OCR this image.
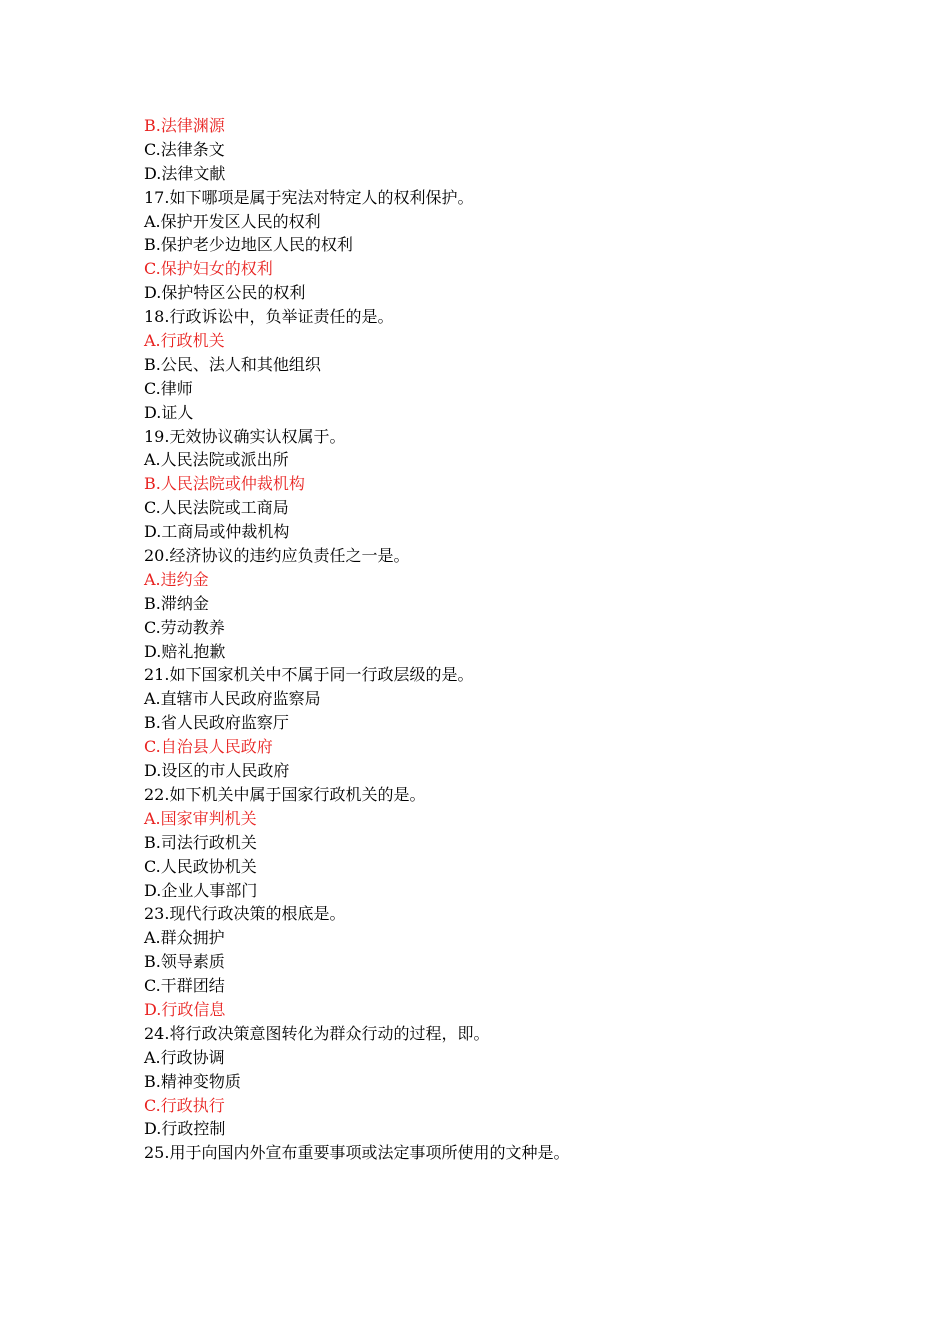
B.法律渊源
C.法律条文
D.法律文献
17.如下哪项是属于宪法对特定人的权利保护。
A.保护开发区人民的权利
B.保护老少边地区人民的权利
C.保护妇女的权利
D.保护特区公民的权利
18.行政诉讼中，负举证责任的是。
A.行政机关
B.公民、法人和其他组织
C.律师
D.证人
19.无效协议确实认权属于。
A.人民法院或派出所
B.人民法院或仲裁机构
C.人民法院或工商局
D.工商局或仲裁机构
20.经济协议的违约应负责任之一是。
A.违约金
B.滞纳金
C.劳动教养
D.赔礼抱歉
21.如下国家机关中不属于同一行政层级的是。
A.直辖市人民政府监察局
B.省人民政府监察厅
C.自治县人民政府
D.设区的市人民政府
22.如下机关中属于国家行政机关的是。
A.国家审判机关
B.司法行政机关
C.人民政协机关
D.企业人事部门
23.现代行政决策的根底是。
A.群众拥护
B.领导素质
C.干群团结
D.行政信息
24.将行政决策意图转化为群众行动的过程，即。
A.行政协调
B.精神变物质
C.行政执行
D.行政控制
25.用于向国内外宣布重要事项或法定事项所使用的文种是。
